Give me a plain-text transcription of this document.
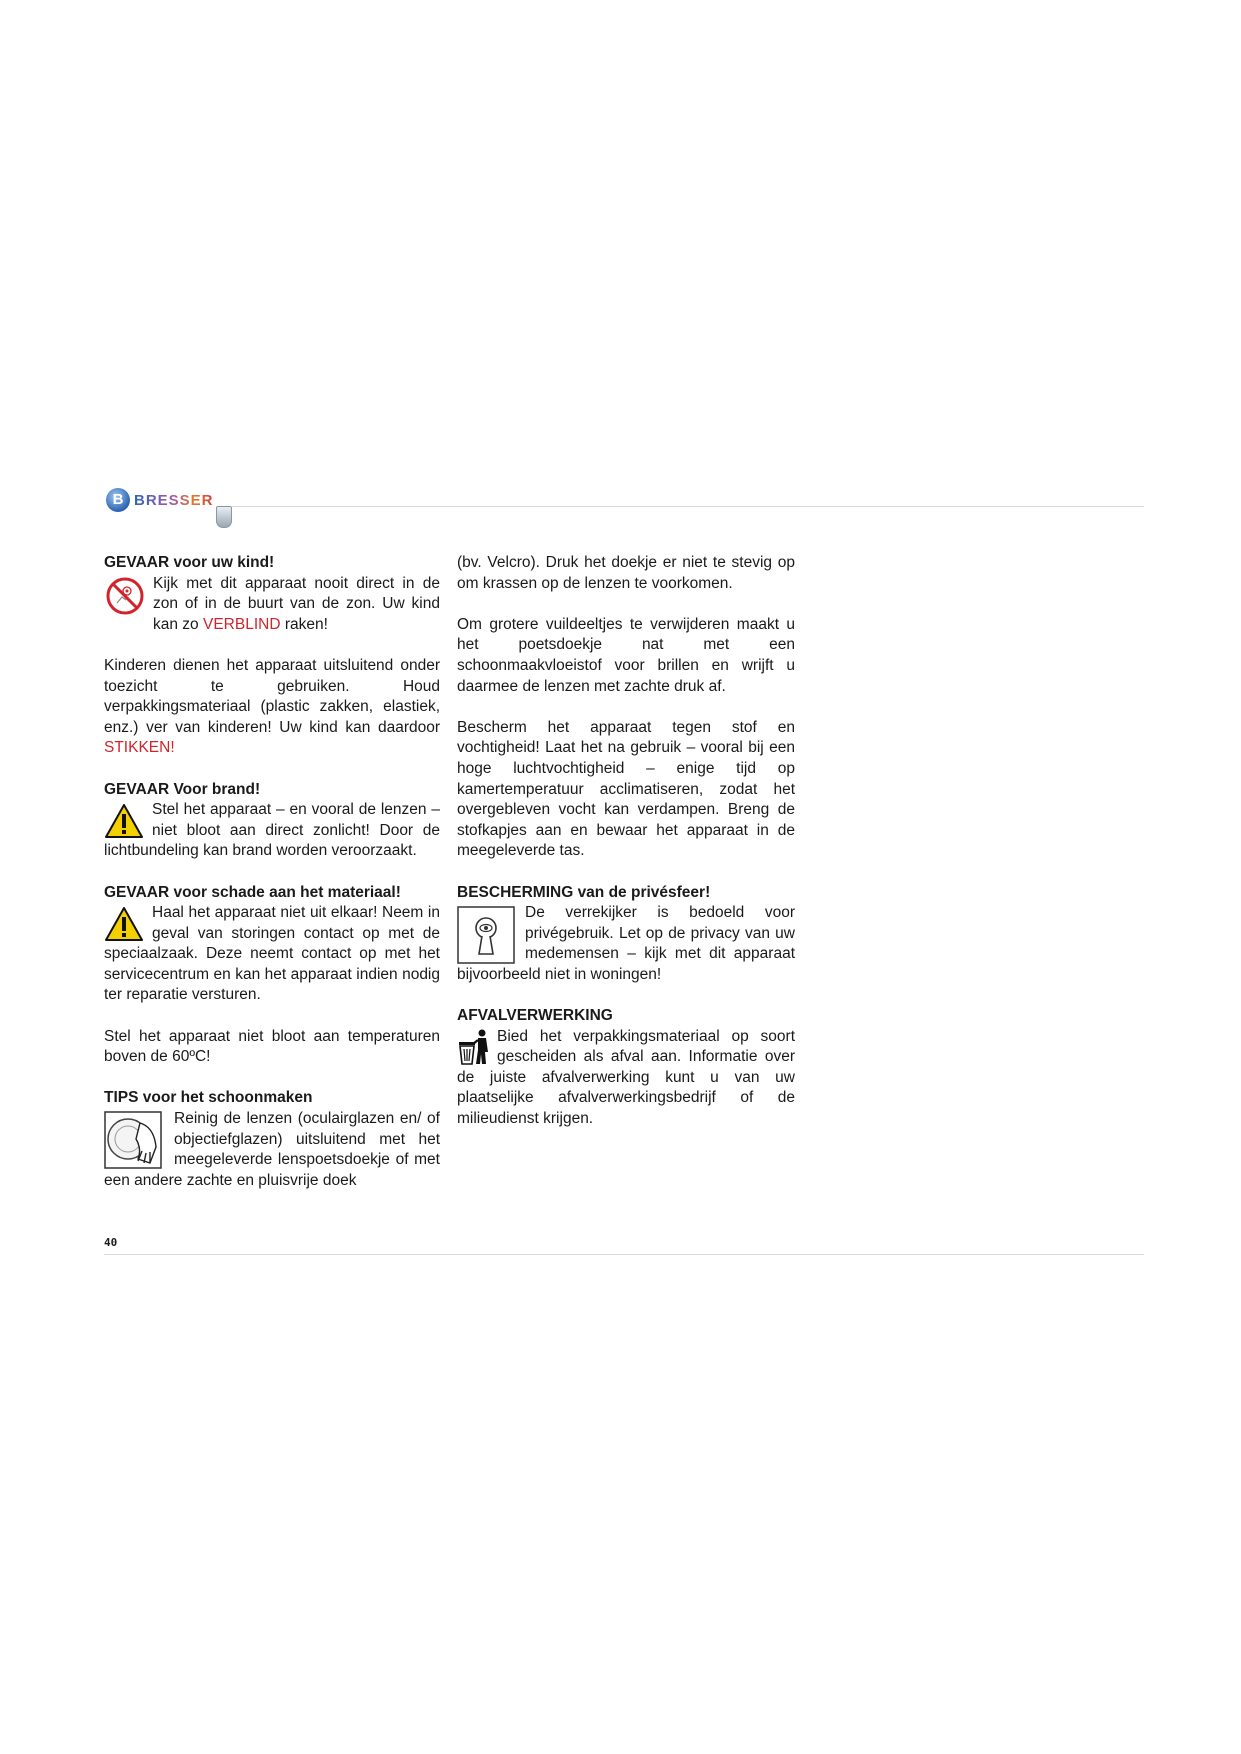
B BRESSER
GEVAAR voor uw kind!

Kijk met dit apparaat nooit direct in de zon of in de buurt van de zon. Uw kind kan zo VERBLIND raken!

Kinderen dienen het apparaat uitsluitend onder toezicht te gebruiken. Houd verpakkingsmateriaal (plastic zakken, elastiek, enz.) ver van kinderen! Uw kind kan daardoor STIKKEN!

GEVAAR Voor brand!

Stel het apparaat – en vooral de lenzen – niet bloot aan direct zonlicht! Door de lichtbundeling kan brand worden veroorzaakt.

GEVAAR voor schade aan het materiaal!

Haal het apparaat niet uit elkaar! Neem in geval van storingen contact op met de speciaalzaak. Deze neemt contact op met het servicecentrum en kan het apparaat indien nodig ter reparatie versturen.

Stel het apparaat niet bloot aan temperaturen boven de 60ºC!

TIPS voor het schoonmaken

Reinig de lenzen (oculairglazen en/ of objectiefglazen) uitsluitend met het meegeleverde lenspoetsdoekje of met een andere zachte en pluisvrije doek

(bv. Velcro). Druk het doekje er niet te stevig op om krassen op de lenzen te voorkomen.

Om grotere vuildeeltjes te verwijderen maakt u het poetsdoekje nat met een schoonmaakvloeistof voor brillen en wrijft u daarmee de lenzen met zachte druk af.

Bescherm het apparaat tegen stof en vochtigheid! Laat het na gebruik – vooral bij een hoge luchtvochtigheid – enige tijd op kamertemperatuur acclimatiseren, zodat het overgebleven vocht kan verdampen. Breng de stofkapjes aan en bewaar het apparaat in de meegeleverde tas.

BESCHERMING van de privésfeer!

De verrekijker is bedoeld voor privégebruik. Let op de privacy van uw medemensen – kijk met dit apparaat bijvoorbeeld niet in woningen!

AFVALVERWERKING

Bied het verpakkingsmateriaal op soort gescheiden als afval aan. Informatie over de juiste afvalverwerking kunt u van uw plaatselijke afvalverwerkingsbedrijf of de milieudienst krijgen.

40
